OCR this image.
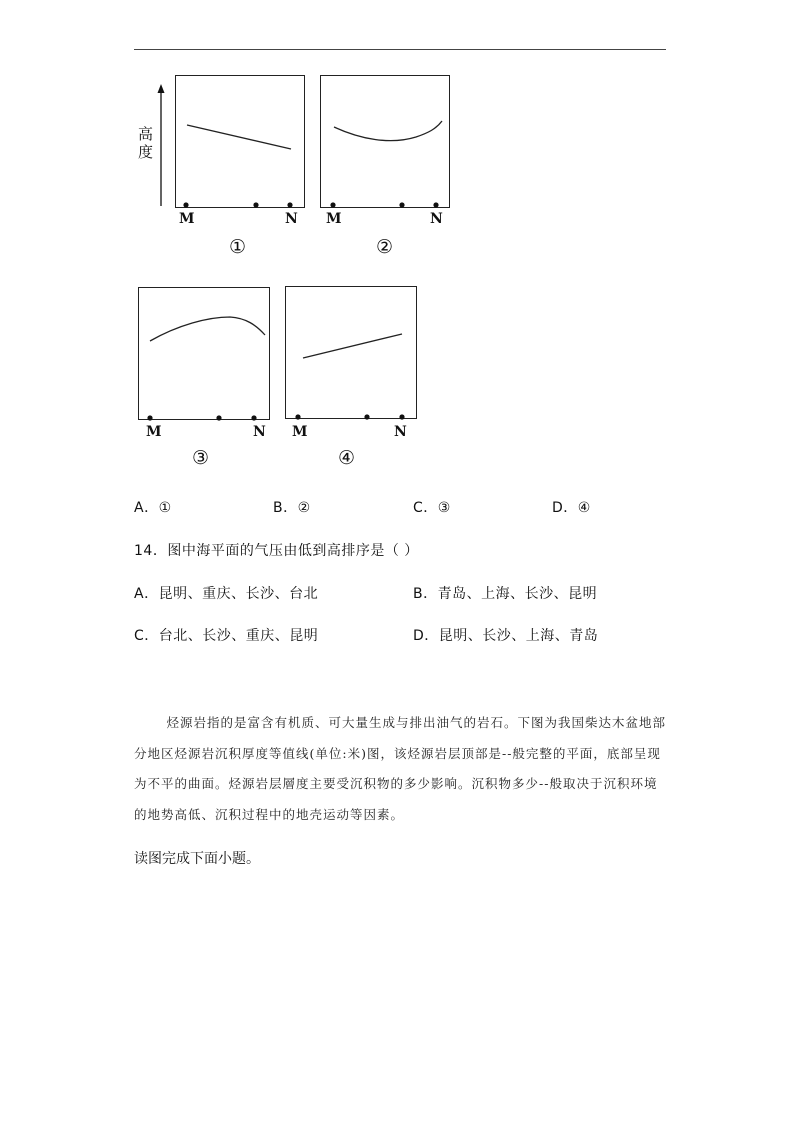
高度
M	N
①
M	N
②
M	N
③
M	N
④
A．①	B．②	C．③	D．④
14．图中海平面的气压由低到高排序是（ ）
A．昆明、重庆、长沙、台北	B．青岛、上海、长沙、昆明
C．台北、长沙、重庆、昆明	D．昆明、长沙、上海、青岛
烃源岩指的是富含有机质、可大量生成与排出油气的岩石。下图为我国柴达木盆地部分地区烃源岩沉积厚度等值线(单位:米)图，该烃源岩层顶部是--般完整的平面，底部呈现为不平的曲面。烃源岩层層度主要受沉积物的多少影响。沉积物多少--般取决于沉积环境的地势高低、沉积过程中的地壳运动等因素。
读图完成下面小题。
